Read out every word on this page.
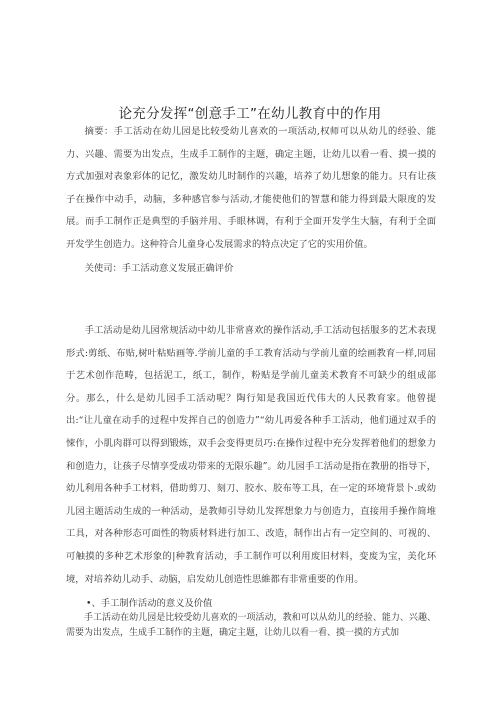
论充分发挥“创意手工”在幼儿教育中的作用
摘要：手工活动在幼儿园是比较受幼儿喜欢的一项活动,权师可以从幼儿的经验、能力、兴趣、需要为出发点，生成手工制作的主题，确定主题，让幼儿以看一看、摸一摸的方式加强对表象彩体的记忆，激发幼儿时制作的兴趣，培养了幼儿想象的能力。只有让孩子在操作中动手，动脑，多种感官参与活动,才能使他们的智慧和能力得到最大限度的发展。而手工制作正是典型的手脑并用、手眼林调，有利于全面开发学生大脑，有利于全面开发学生创造力。这种符合儿童身心发展需求的特点决定了它的实用价值。
关使司：手工活动意义发展正确评价
手工活动是幼儿园常规活动中幼儿非常喜欢的操作活动,手工活动包括服多的艺术表现形式:剪纸、布贴,树叶粘贴画等.学前儿童的手工教育活动与学前儿童的绘画教育一样,同屈于艺术创作范畴，包括泥工，纸工，制作，粉贴是学前儿童美术教育不可缺少的组成部分。那么，什么是幼儿园手工活动呢？陶行知是我国近代伟大的人民教育家。他曾提出:“让儿童在动手的过程中发挥自己的创造力”“幼儿再爱各种手工活动，他们通过双手的悚作，小肌肉群可以得到锻炼，双手会变得更员巧:在操作过程中充分发挥着他们的想象力和创造力，让孩子尽情享受成功带来的无限乐趣”。幼儿园手工活动是指在教册的指导下，幼儿利用各种手工材料，借助剪刀、刻刀、胶水、胶布等工具，在一定的环境背景卜.或幼儿园主题活动生成的一种活动，是教师引导幼儿发挥想象力与创造力，直接用手操作简堆工具，对各种形态可面性的物质材料进行加工、改造，制作出占有一定空间的、可视的、可触摸的多种艺术形象的|种教育活动，手工制作可以利用废旧材料，变废为宝，美化环境，对培养幼儿动手、动脑，启发幼儿创造性思維都有非常重要的作用。
•、手工制作活动的意义及价值
手工活动在幼儿园是比较受幼儿喜欢的一项活动，教和可以从幼儿的经验、能力、兴趣、需要为出发点，生成手工制作的主题，确定主题，让幼儿以看一看、摸一摸的方式加
